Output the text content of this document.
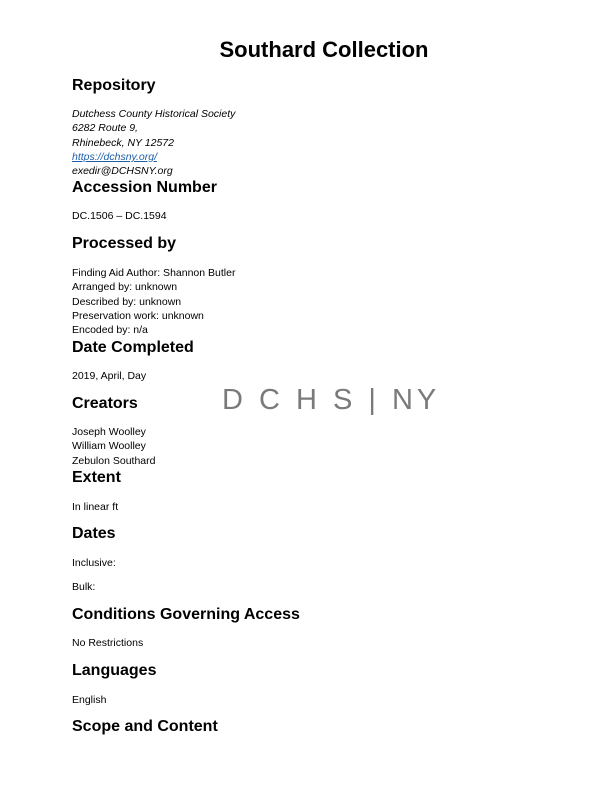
Southard Collection
Repository
Dutchess County Historical Society
6282 Route 9,
Rhinebeck, NY 12572
https://dchsny.org/
exedir@DCHSNY.org
Accession Number
DC.1506 – DC.1594
Processed by
Finding Aid Author: Shannon Butler
Arranged by: unknown
Described by: unknown
Preservation work: unknown
Encoded by: n/a
Date Completed
2019, April, Day
D C H S | NY
Creators
Joseph Woolley
William Woolley
Zebulon Southard
Extent
In linear ft
Dates
Inclusive:
Bulk:
Conditions Governing Access
No Restrictions
Languages
English
Scope and Content
